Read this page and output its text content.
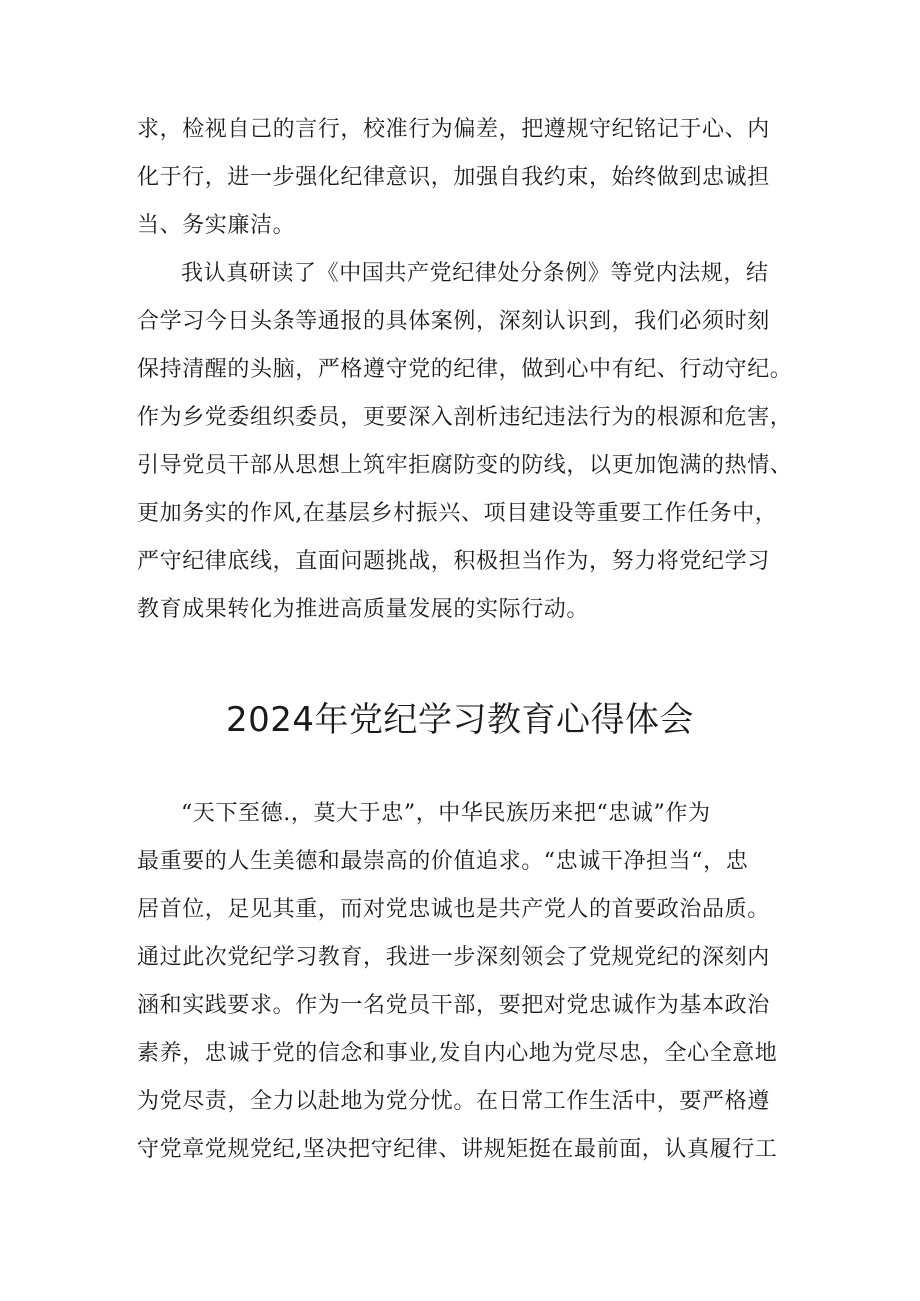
求，检视自己的言行，校准行为偏差，把遵规守纪铭记于心、内
化于行，进一步强化纪律意识，加强自我约束，始终做到忠诚担
当、务实廉洁。
我认真研读了《中国共产党纪律处分条例》等党内法规，结
合学习今日头条等通报的具体案例，深刻认识到，我们必须时刻
保持清醒的头脑，严格遵守党的纪律，做到心中有纪、行动守纪。
作为乡党委组织委员，更要深入剖析违纪违法行为的根源和危害，
引导党员干部从思想上筑牢拒腐防变的防线，以更加饱满的热情、
更加务实的作风,在基层乡村振兴、项目建设等重要工作任务中，
严守纪律底线，直面问题挑战，积极担当作为，努力将党纪学习
教育成果转化为推进高质量发展的实际行动。
2024年党纪学习教育心得体会
“天下至德.，莫大于忠”，中华民族历来把“忠诚”作为
最重要的人生美德和最崇高的价值追求。“忠诚干净担当“，忠
居首位，足见其重，而对党忠诚也是共产党人的首要政治品质。
通过此次党纪学习教育，我进一步深刻领会了党规党纪的深刻内
涵和实践要求。作为一名党员干部，要把对党忠诚作为基本政治
素养，忠诚于党的信念和事业,发自内心地为党尽忠，全心全意地
为党尽责，全力以赴地为党分忧。在日常工作生活中，要严格遵
守党章党规党纪,坚决把守纪律、讲规矩挺在最前面，认真履行工
